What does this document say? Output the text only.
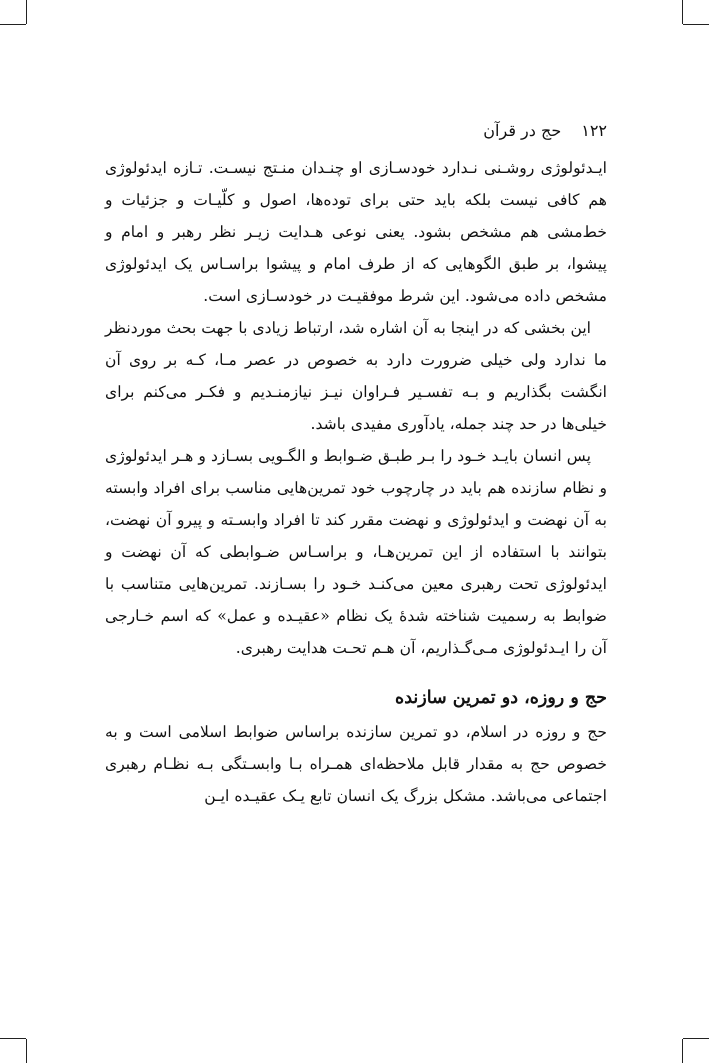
۱۲۲
حج در قرآن

ایـدئولوژی روشـنی نـدارد خودسـازی او چنـدان منـتج نیسـت. تـازه ایدئولوژی هم کافی نیست بلکه باید حتی برای توده‌ها، اصول و کلّیـات و جزئیات و خط‌مشی هم مشخص بشود. یعنی نوعی هـدایت زیـر نظر رهبر و امام و پیشوا، بر طبق الگوهایی که از طرف امام و پیشوا براسـاس یک ایدئولوژی مشخص داده می‌شود. این شرط موفقیـت در خودسـازی است.

این بخشی که در اینجا به آن اشاره شد، ارتباط زیادی با جهت بحث موردنظر ما ندارد ولی خیلی ضرورت دارد به خصوص در عصر مـا، کـه بر روی آن انگشت بگذاریم و بـه تفسـیر فـراوان نیـز نیازمنـدیم و فکـر می‌کنم برای خیلی‌ها در حد چند جمله، یادآوری مفیدی باشد.

پس انسان بایـد خـود را بـر طبـق ضـوابط و الگـویی بسـازد و هـر ایدئولوژی و نظام سازنده هم باید در چارچوب خود تمرین‌هایی مناسب برای افراد وابسته به آن نهضت و ایدئولوژی و نهضت مقرر کند تا افراد وابسـته و پیرو آن نهضت، بتوانند با استفاده از این تمرین‌هـا، و براسـاس ضـوابطی که آن نهضت و ایدئولوژی تحت رهبری معین می‌کنـد خـود را بسـازند. تمرین‌هایی متناسب با ضوابط به رسمیت شناخته شدهٔ یک نظام «عقیـده و عمل» که اسم خـارجی آن را ایـدئولوژی مـی‌گـذاریم، آن هـم تحـت هدایت رهبری.

حج و روزه، دو تمرین سازنده

حج و روزه در اسلام، دو تمرین سازنده براساس ضوابط اسلامی است و به خصوص حج به مقدار قابل ملاحظه‌ای همـراه بـا وابسـتگی بـه نظـام رهبری اجتماعی می‌باشد. مشکل بزرگ یک انسان تابع یـک عقیـده ایـن
